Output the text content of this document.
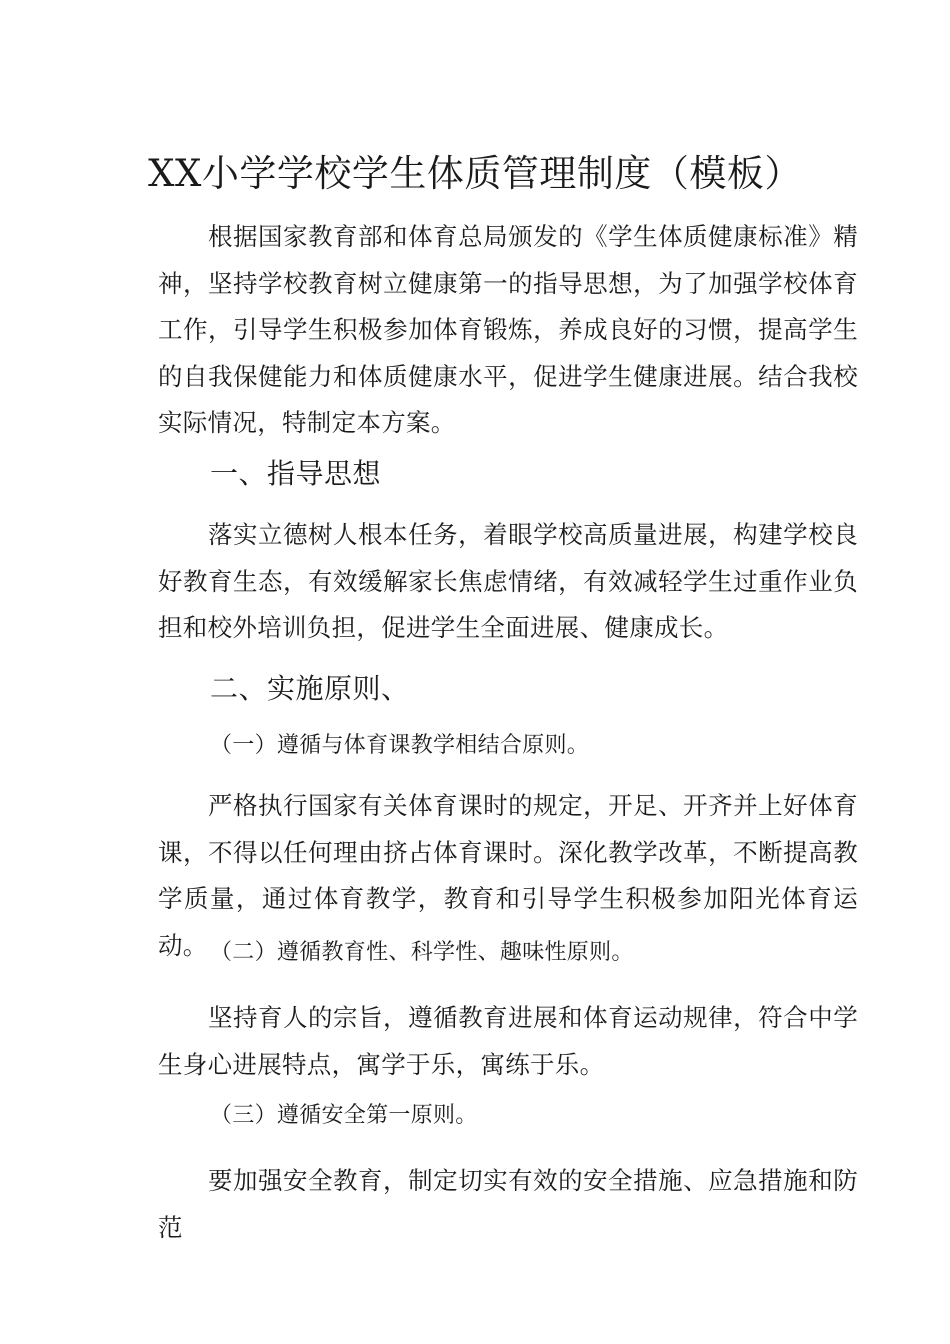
XX小学学校学生体质管理制度（模板）

根据国家教育部和体育总局颁发的《学生体质健康标准》精神，坚持学校教育树立健康第一的指导思想，为了加强学校体育工作，引导学生积极参加体育锻炼，养成良好的习惯，提高学生的自我保健能力和体质健康水平，促进学生健康进展。结合我校实际情况，特制定本方案。

一、指导思想

落实立德树人根本任务，着眼学校高质量进展，构建学校良好教育生态，有效缓解家长焦虑情绪，有效减轻学生过重作业负担和校外培训负担，促进学生全面进展、健康成长。

二、实施原则、
（一）遵循与体育课教学相结合原则。

严格执行国家有关体育课时的规定，开足、开齐并上好体育课，不得以任何理由挤占体育课时。深化教学改革，不断提高教学质量，通过体育教学，教育和引导学生积极参加阳光体育运动。 （二）遵循教育性、科学性、趣味性原则。

坚持育人的宗旨，遵循教育进展和体育运动规律，符合中学生身心进展特点，寓学于乐，寓练于乐。

（三）遵循安全第一原则。

要加强安全教育，制定切实有效的安全措施、应急措施和防范
